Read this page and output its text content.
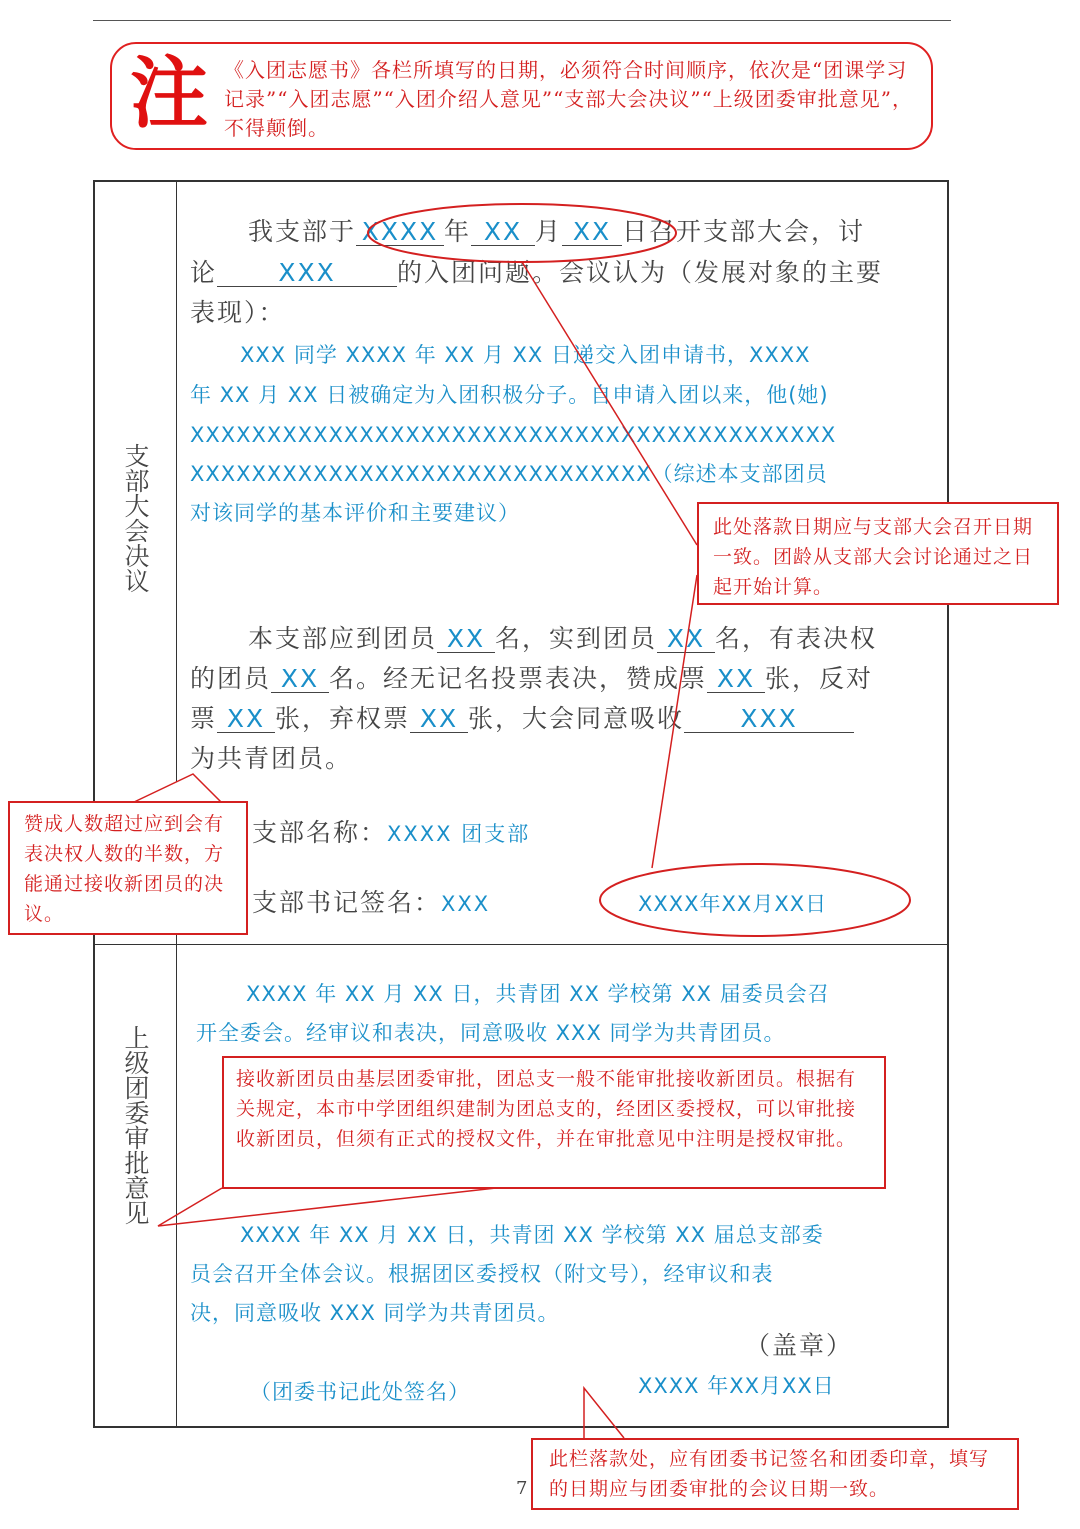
注 《入团志愿书》各栏所填写的日期，必须符合时间顺序，依次是“团课学习记录”“入团志愿”“入团介绍人意见”“支部大会决议”“上级团委审批意见”，不得颠倒。
支部大会决议
我支部于 XXXX 年 XX 月 XX 日召开支部大会，讨
论 XXX 的入团问题。会议认为（发展对象的主要
表现）：
XXX 同学 XXXX 年 XX 月 XX 日递交入团申请书，XXXX
年 XX 月 XX 日被确定为入团积极分子。自申请入团以来，他(她)
XXXXXXXXXXXXXXXXXXXXXXXXXXXXXXXXXXXXXXXXXX
XXXXXXXXXXXXXXXXXXXXXXXXXXXXXX（综述本支部团员
对该同学的基本评价和主要建议）
本支部应到团员 XX 名，实到团员 XX 名，有表决权
的团员 XX 名。经无记名投票表决，赞成票 XX 张，反对
票 XX 张，弃权票 XX 张，大会同意吸收 XXX
为共青团员。
支部名称：XXXX 团支部
支部书记签名：XXX	XXXX年XX月XX日
上级团委审批意见
XXXX 年 XX 月 XX 日，共青团 XX 学校第 XX 届委员会召
开全委会。经审议和表决，同意吸收 XXX 同学为共青团员。
XXXX 年 XX 月 XX 日，共青团 XX 学校第 XX 届总支部委
员会召开全体会议。根据团区委授权（附文号），经审议和表
决，同意吸收 XXX 同学为共青团员。
（盖章）
（团委书记此处签名）	XXXX 年XX月XX日
此处落款日期应与支部大会召开日期一致。团龄从支部大会讨论通过之日起开始计算。
赞成人数超过应到会有表决权人数的半数，方能通过接收新团员的决议。
接收新团员由基层团委审批，团总支一般不能审批接收新团员。根据有关规定，本市中学团组织建制为团总支的，经团区委授权，可以审批接收新团员，但须有正式的授权文件，并在审批意见中注明是授权审批。
此栏落款处，应有团委书记签名和团委印章，填写的日期应与团委审批的会议日期一致。
7
